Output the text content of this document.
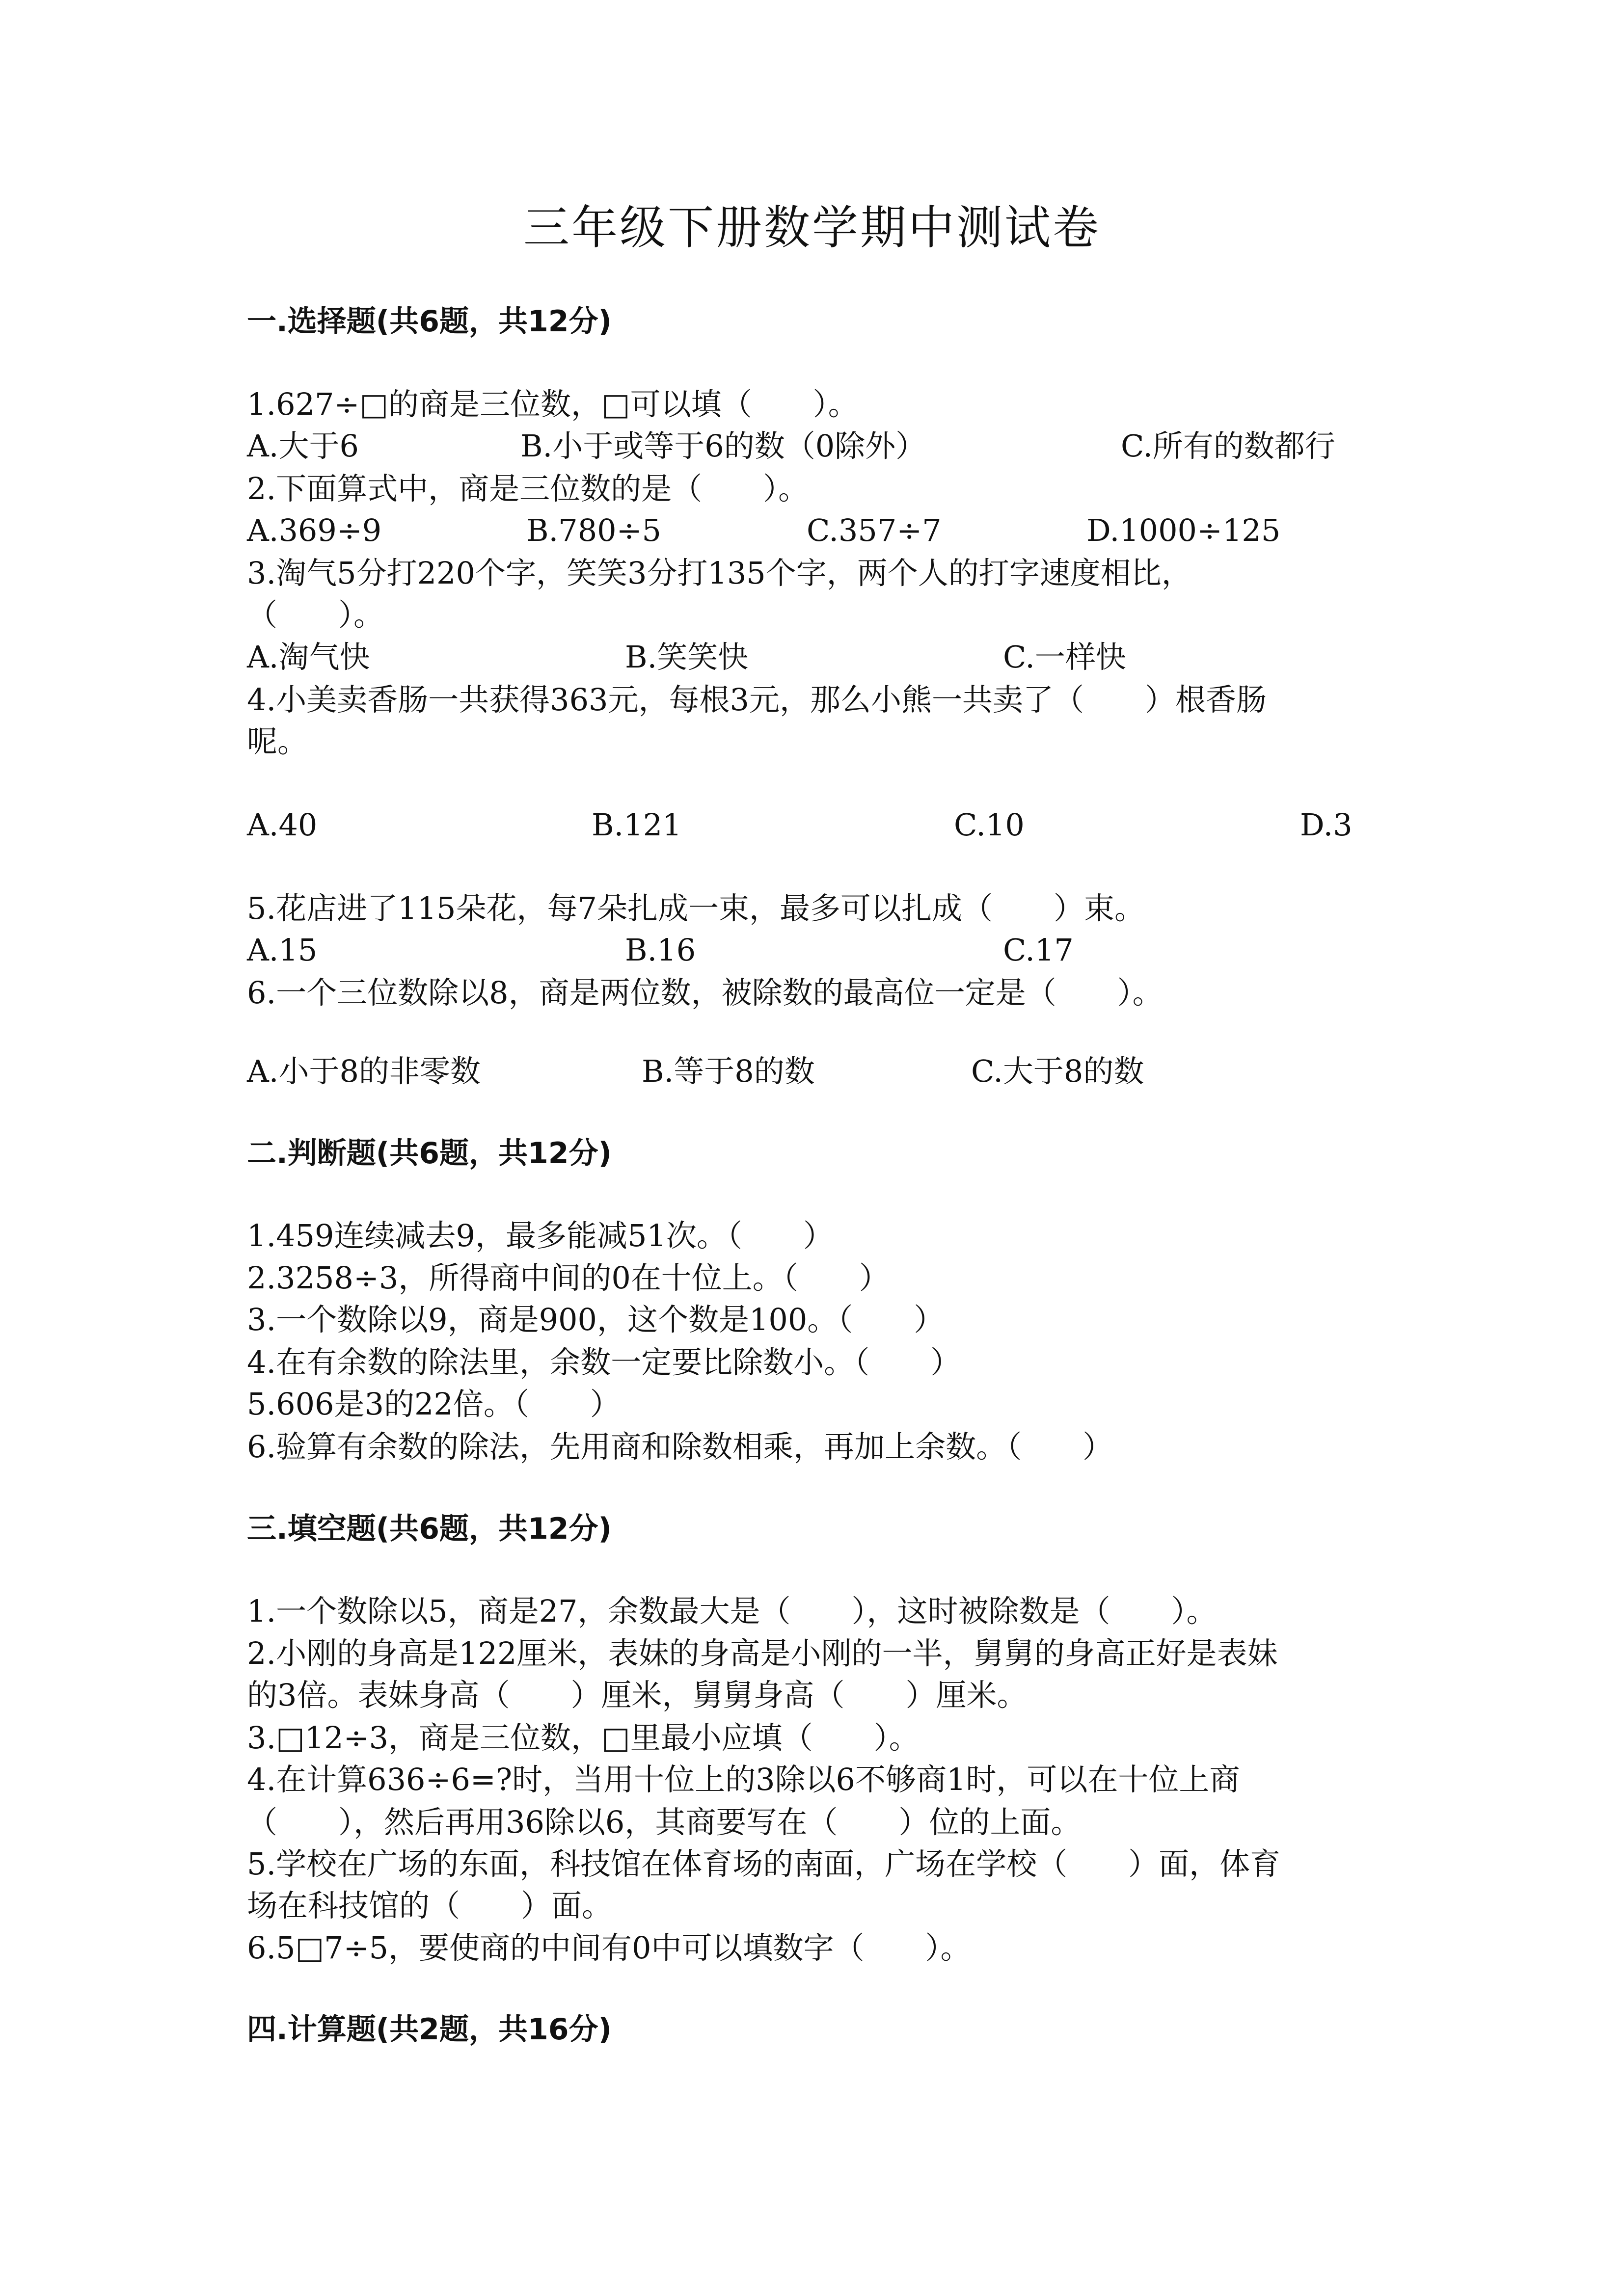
三年级下册数学期中测试卷
一.选择题(共6题，共12分)
1.627÷□的商是三位数，□可以填（　　）。
A.大于6	B.小于或等于6的数（0除外）	C.所有的数都行
2.下面算式中，商是三位数的是（　　）。
A.369÷9	B.780÷5	C.357÷7	D.1000÷125
3.淘气5分打220个字，笑笑3分打135个字，两个人的打字速度相比，
（　　）。
A.淘气快	B.笑笑快	C.一样快
4.小美卖香肠一共获得363元，每根3元，那么小熊一共卖了（　　）根香肠
呢。
A.40	B.121	C.10	D.3
5.花店进了115朵花，每7朵扎成一束，最多可以扎成（　　）束。
A.15	B.16	C.17
6.一个三位数除以8，商是两位数，被除数的最高位一定是（　　）。
A.小于8的非零数	B.等于8的数	C.大于8的数
二.判断题(共6题，共12分)
1.459连续减去9，最多能减51次。（　　）
2.3258÷3，所得商中间的0在十位上。（　　）
3.一个数除以9，商是900，这个数是100。（　　）
4.在有余数的除法里，余数一定要比除数小。（　　）
5.606是3的22倍。（　　）
6.验算有余数的除法，先用商和除数相乘，再加上余数。（　　）
三.填空题(共6题，共12分)
1.一个数除以5，商是27，余数最大是（　　），这时被除数是（　　）。
2.小刚的身高是122厘米，表妹的身高是小刚的一半，舅舅的身高正好是表妹
的3倍。表妹身高（　　）厘米，舅舅身高（　　）厘米。
3.□12÷3，商是三位数，□里最小应填（　　）。
4.在计算636÷6=?时，当用十位上的3除以6不够商1时，可以在十位上商
（　　），然后再用36除以6，其商要写在（　　）位的上面。
5.学校在广场的东面，科技馆在体育场的南面，广场在学校（　　）面，体育
场在科技馆的（　　）面。
6.5□7÷5，要使商的中间有0中可以填数字（　　）。
四.计算题(共2题，共16分)
